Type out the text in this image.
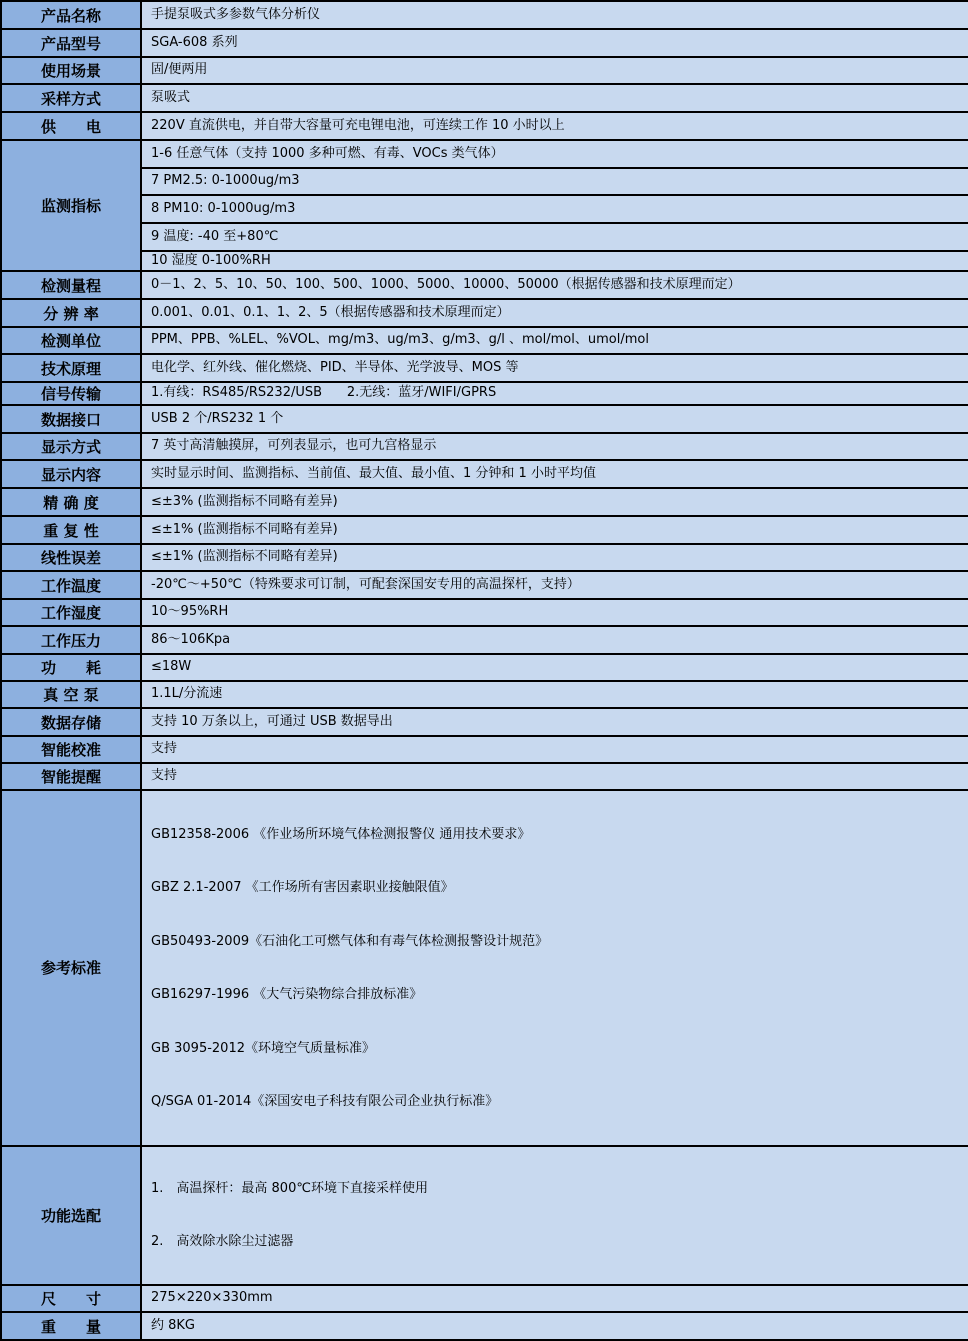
产品名称	手提泵吸式多参数气体分析仪
产品型号	SGA-608 系列
使用场景	固/便两用
采样方式	泵吸式
供　　电	220V 直流供电，并自带大容量可充电锂电池，可连续工作 10 小时以上
监测指标	1-6 任意气体（支持 1000 多种可燃、有毒、VOCs 类气体）
	7 PM2.5: 0-1000ug/m3
	8 PM10: 0-1000ug/m3
	9 温度: -40 至+80℃
	10 湿度 0-100%RH
检测量程	0－1、2、5、10、50、100、500、1000、5000、10000、50000（根据传感器和技术原理而定）
分 辨 率	0.001、0.01、0.1、1、2、5（根据传感器和技术原理而定）
检测单位	PPM、PPB、%LEL、%VOL、mg/m3、ug/m3、g/m3、g/l 、mol/mol、umol/mol
技术原理	电化学、红外线、催化燃烧、PID、半导体、光学波导、MOS 等
信号传输	1.有线：RS485/RS232/USB      2.无线：蓝牙/WIFI/GPRS
数据接口	USB 2 个/RS232 1 个
显示方式	7 英寸高清触摸屏，可列表显示，也可九宫格显示
显示内容	实时显示时间、监测指标、当前值、最大值、最小值、1 分钟和 1 小时平均值
精 确 度	≤±3% (监测指标不同略有差异)
重 复 性	≤±1% (监测指标不同略有差异)
线性误差	≤±1% (监测指标不同略有差异)
工作温度	-20℃～+50℃（特殊要求可订制，可配套深国安专用的高温探杆，支持）
工作湿度	10～95%RH
工作压力	86～106Kpa
功　　耗	≤18W
真 空 泵	1.1L/分流速
数据存储	支持 10 万条以上，可通过 USB 数据导出
智能校准	支持
智能提醒	支持
参考标准	

GB12358-2006 《作业场所环境气体检测报警仪 通用技术要求》

GBZ 2.1-2007 《工作场所有害因素职业接触限值》

GB50493-2009《石油化工可燃气体和有毒气体检测报警设计规范》

GB16297-1996 《大气污染物综合排放标准》

GB 3095-2012《环境空气质量标准》

Q/SGA 01-2014《深国安电子科技有限公司企业执行标准》

功能选配	1.　高温探杆：最高 800℃环境下直接采样使用

2.　高效除水除尘过滤器

尺　　寸	275×220×330mm
重　　量	约 8KG
